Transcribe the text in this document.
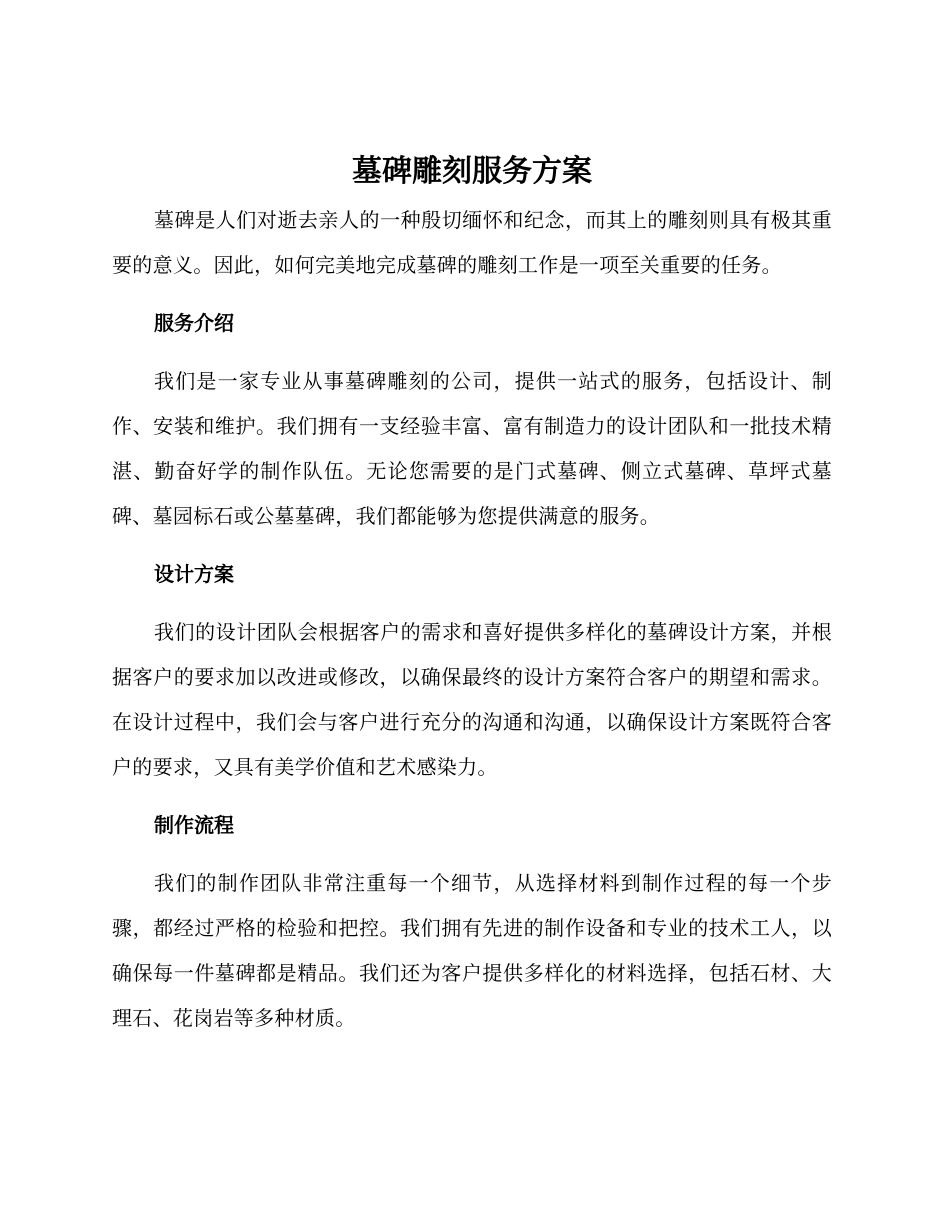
墓碑雕刻服务方案

墓碑是人们对逝去亲人的一种殷切缅怀和纪念，而其上的雕刻则具有极其重要的意义。因此，如何完美地完成墓碑的雕刻工作是一项至关重要的任务。

服务介绍

我们是一家专业从事墓碑雕刻的公司，提供一站式的服务，包括设计、制作、安装和维护。我们拥有一支经验丰富、富有制造力的设计团队和一批技术精湛、勤奋好学的制作队伍。无论您需要的是门式墓碑、侧立式墓碑、草坪式墓碑、墓园标石或公墓墓碑，我们都能够为您提供满意的服务。

设计方案

我们的设计团队会根据客户的需求和喜好提供多样化的墓碑设计方案，并根据客户的要求加以改进或修改，以确保最终的设计方案符合客户的期望和需求。在设计过程中，我们会与客户进行充分的沟通和沟通，以确保设计方案既符合客户的要求，又具有美学价值和艺术感染力。

制作流程

我们的制作团队非常注重每一个细节，从选择材料到制作过程的每一个步骤，都经过严格的检验和把控。我们拥有先进的制作设备和专业的技术工人，以确保每一件墓碑都是精品。我们还为客户提供多样化的材料选择，包括石材、大理石、花岗岩等多种材质。
